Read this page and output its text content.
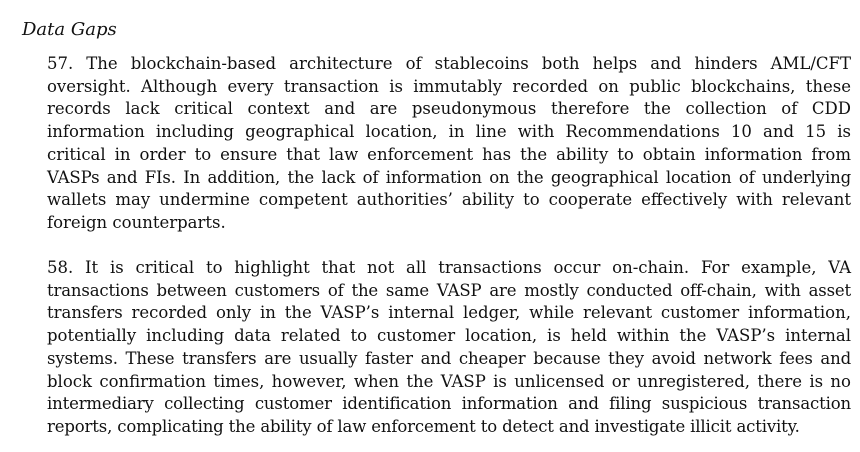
Data Gaps
57. The blockchain-based architecture of stablecoins both helps and hinders AML/CFT
oversight. Although every transaction is immutably recorded on public blockchains, these
records lack critical context and are pseudonymous therefore the collection of CDD
information including geographical location, in line with Recommendations 10 and 15 is
critical in order to ensure that law enforcement has the ability to obtain information from
VASPs and FIs. In addition, the lack of information on the geographical location of underlying
wallets may undermine competent authorities’ ability to cooperate effectively with relevant
foreign counterparts.
58. It is critical to highlight that not all transactions occur on-chain. For example, VA
transactions between customers of the same VASP are mostly conducted off-chain, with asset
transfers recorded only in the VASP’s internal ledger, while relevant customer information,
potentially including data related to customer location, is held within the VASP’s internal
systems. These transfers are usually faster and cheaper because they avoid network fees and
block confirmation times, however, when the VASP is unlicensed or unregistered, there is no
intermediary collecting customer identification information and filing suspicious transaction
reports, complicating the ability of law enforcement to detect and investigate illicit activity.
